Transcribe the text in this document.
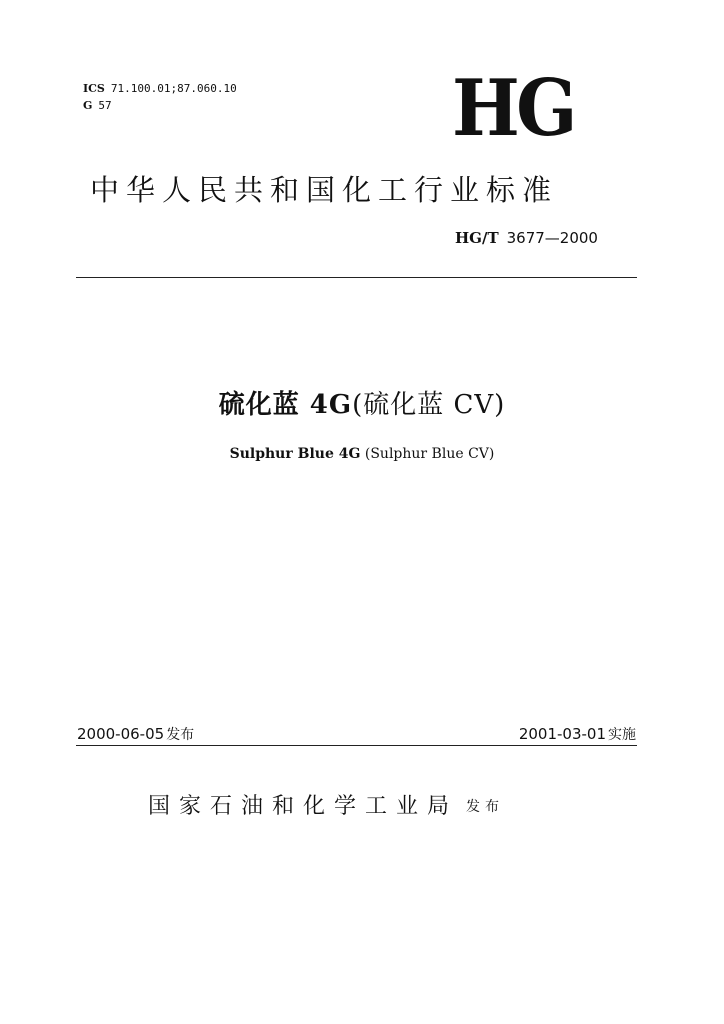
ICS 71.100.01;87.060.10
G 57	HG
中华人民共和国化工行业标准
HG/T 3677—2000
硫化蓝 4G(硫化蓝 CV)
Sulphur Blue 4G (Sulphur Blue CV)
2000-06-05 发布	2001-03-01 实施
国家石油和化学工业局 发布
